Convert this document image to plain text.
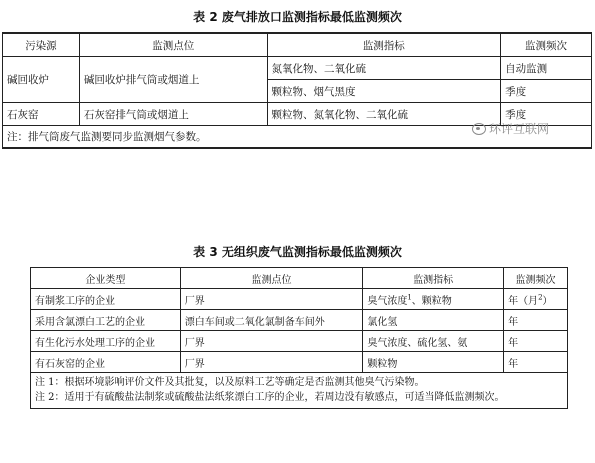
表 2 废气排放口监测指标最低监测频次
污染源	监测点位	监测指标	监测频次
碱回收炉	碱回收炉排气筒或烟道上	氮氧化物、二氧化硫	自动监测
		颗粒物、烟气黑度	季度
石灰窑	石灰窑排气筒或烟道上	颗粒物、氮氧化物、二氧化硫	季度
注：排气筒废气监测要同步监测烟气参数。			
环评互联网
表 3 无组织废气监测指标最低监测频次
企业类型	监测点位	监测指标	监测频次
有制浆工序的企业	厂界	臭气浓度$^1$、颗粒物	年（月$^2$）
采用含氯漂白工艺的企业	漂白车间或二氧化氯制备车间外	氯化氢	年
有生化污水处理工序的企业	厂界	臭气浓度、硫化氢、氨	年
有石灰窑的企业	厂界	颗粒物	年

注 1：根据环境影响评价文件及其批复，以及原料工艺等确定是否监测其他臭气污染物。
注 2：适用于有硫酸盐法制浆或硫酸盐法纸浆漂白工序的企业，若周边没有敏感点，可适当降低监测频次。			
